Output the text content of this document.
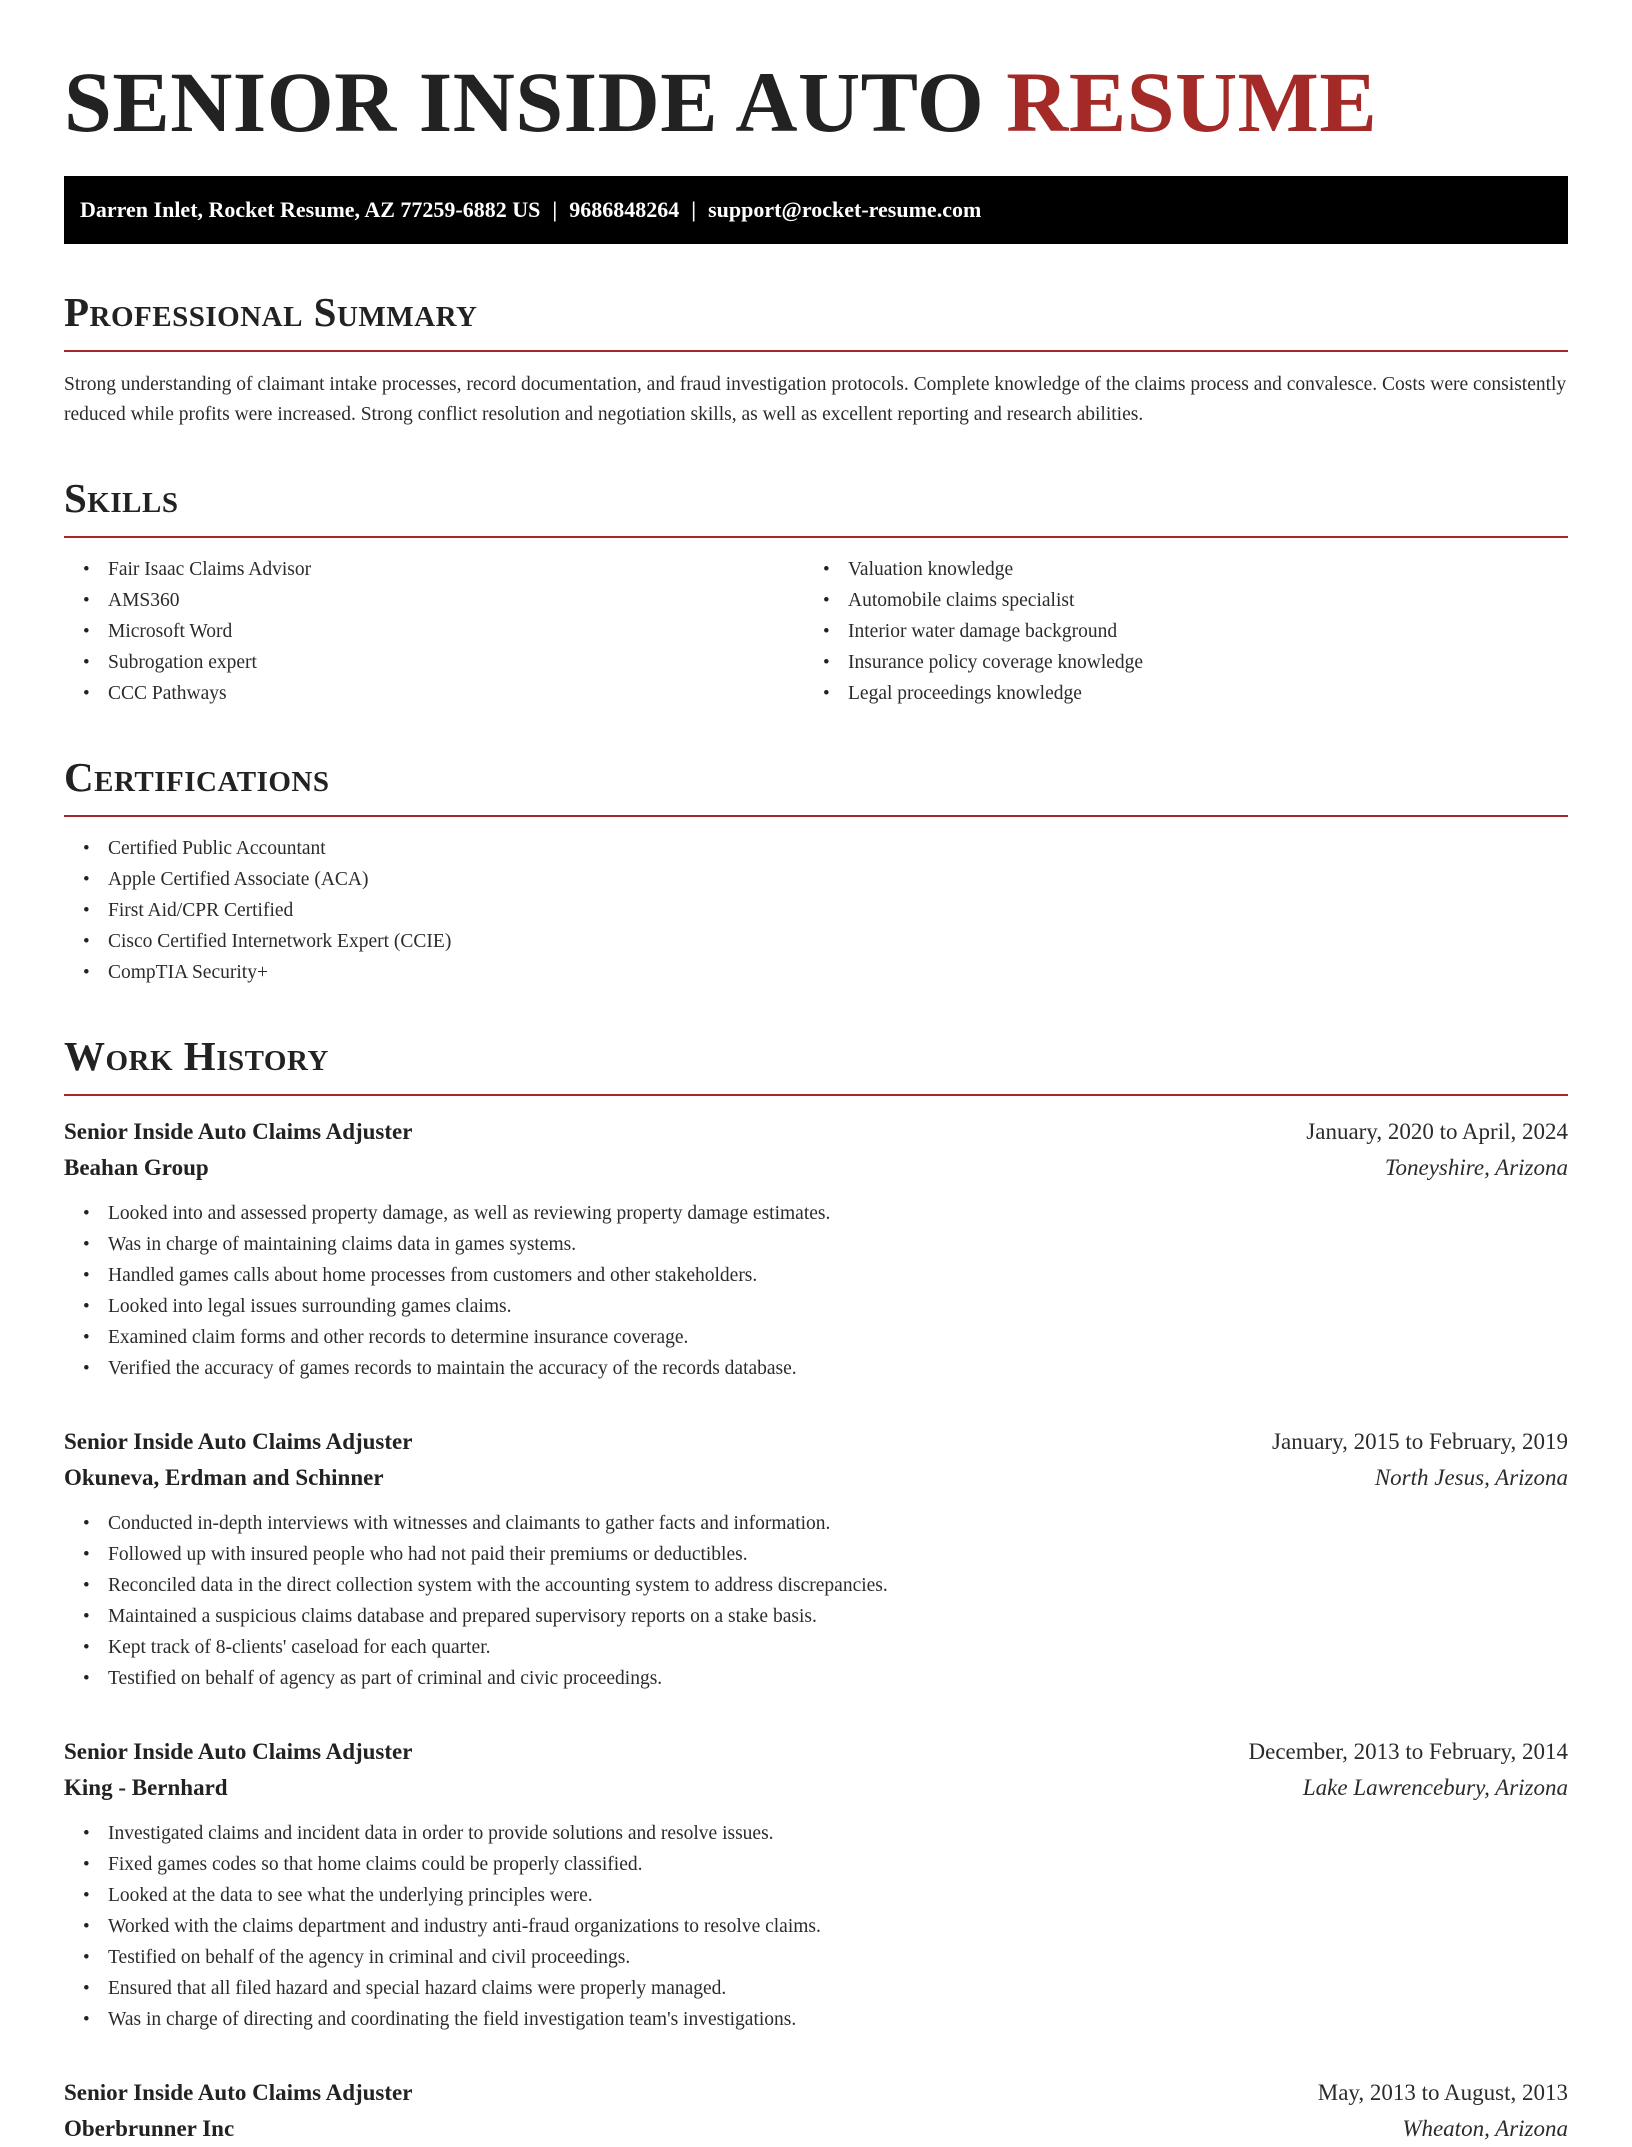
SENIOR INSIDE AUTO RESUME
Darren Inlet, Rocket Resume, AZ 77259-6882 US | 9686848264 | support@rocket-resume.com
Professional Summary

Strong understanding of claimant intake processes, record documentation, and fraud investigation protocols. Complete knowledge of the claims process and convalesce. Costs were consistently reduced while profits were increased. Strong conflict resolution and negotiation skills, as well as excellent reporting and research abilities.

Skills
• Fair Isaac Claims Advisor
• AMS360
• Microsoft Word
• Subrogation expert
• CCC Pathways
• Valuation knowledge
• Automobile claims specialist
• Interior water damage background
• Insurance policy coverage knowledge
• Legal proceedings knowledge
Certifications
• Certified Public Accountant
• Apple Certified Associate (ACA)
• First Aid/CPR Certified
• Cisco Certified Internetwork Expert (CCIE)
• CompTIA Security+
Work History
Senior Inside Auto Claims Adjuster	January, 2020 to April, 2024
Beahan Group	Toneyshire, Arizona
• Looked into and assessed property damage, as well as reviewing property damage estimates.
• Was in charge of maintaining claims data in games systems.
• Handled games calls about home processes from customers and other stakeholders.
• Looked into legal issues surrounding games claims.
• Examined claim forms and other records to determine insurance coverage.
• Verified the accuracy of games records to maintain the accuracy of the records database.
Senior Inside Auto Claims Adjuster	January, 2015 to February, 2019
Okuneva, Erdman and Schinner	North Jesus, Arizona
• Conducted in-depth interviews with witnesses and claimants to gather facts and information.
• Followed up with insured people who had not paid their premiums or deductibles.
• Reconciled data in the direct collection system with the accounting system to address discrepancies.
• Maintained a suspicious claims database and prepared supervisory reports on a stake basis.
• Kept track of 8-clients' caseload for each quarter.
• Testified on behalf of agency as part of criminal and civic proceedings.
Senior Inside Auto Claims Adjuster	December, 2013 to February, 2014
King - Bernhard	Lake Lawrencebury, Arizona
• Investigated claims and incident data in order to provide solutions and resolve issues.
• Fixed games codes so that home claims could be properly classified.
• Looked at the data to see what the underlying principles were.
• Worked with the claims department and industry anti-fraud organizations to resolve claims.
• Testified on behalf of the agency in criminal and civil proceedings.
• Ensured that all filed hazard and special hazard claims were properly managed.
• Was in charge of directing and coordinating the field investigation team's investigations.
Senior Inside Auto Claims Adjuster	May, 2013 to August, 2013
Oberbrunner Inc	Wheaton, Arizona
